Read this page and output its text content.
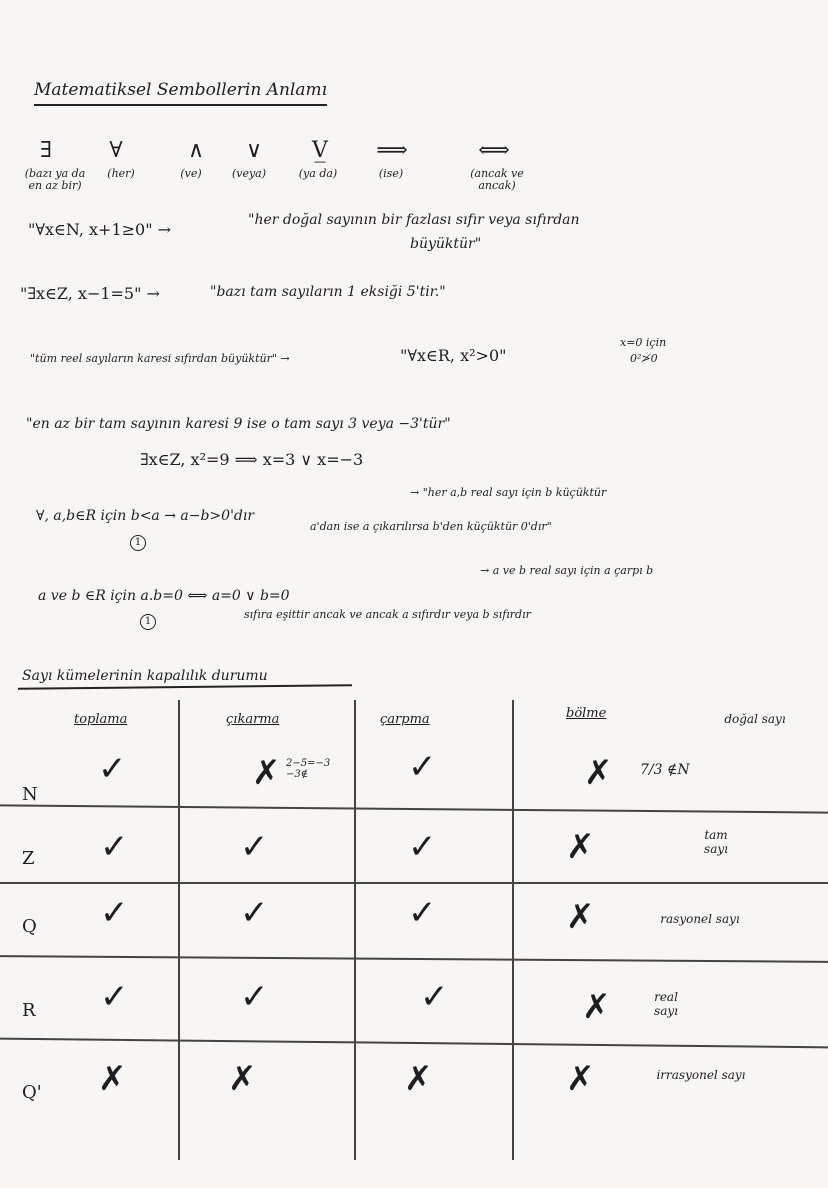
Matematiksel Sembollerin Anlamı
∃	∀	∧	∨	V̲	⟹	⟺
(bazı ya da en az bir)
(her)	(ve)	(veya)	(ya da)	(ise)	(ancak ve ancak)
"∀x∈N, x+1≥0" →	"her doğal sayının bir fazlası sıfır veya sıfırdan
büyüktür"
"∃x∈Z, x−1=5" →	"bazı tam sayıların 1 eksiği 5'tir."
"tüm reel sayıların karesi sıfırdan büyüktür" →	"∀x∈R, x²>0"
x=0 için
0²≯0
"en az bir tam sayının karesi 9 ise o tam sayı 3 veya −3'tür"
∃x∈Z, x²=9 ⟹ x=3 ∨ x=−3
∀, a,b∈R için b<a → a−b>0'dır
→ "her a,b real sayı için b küçüktür
a'dan ise a çıkarılırsa b'den küçüktür 0'dır"
1
a ve b ∈R için a.b=0 ⟺ a=0 ∨ b=0
→ a ve b real sayı için a çarpı b
sıfıra eşittir ancak ve ancak a sıfırdır veya b sıfırdır
1
Sayı kümelerinin kapalılık durumu
toplama	çıkarma	çarpma	bölme
N
✓	✗ 2−5=−3 −3∉	✓	✗ 7/3 ∉N
doğal sayı
Z ✓	✓	✓	✗	tam sayı
Q ✓	✓	✓	✗	rasyonel sayı
R ✓	✓	✓	✗	real sayı
Q' ✗	✗	✗	✗	irrasyonel sayı
